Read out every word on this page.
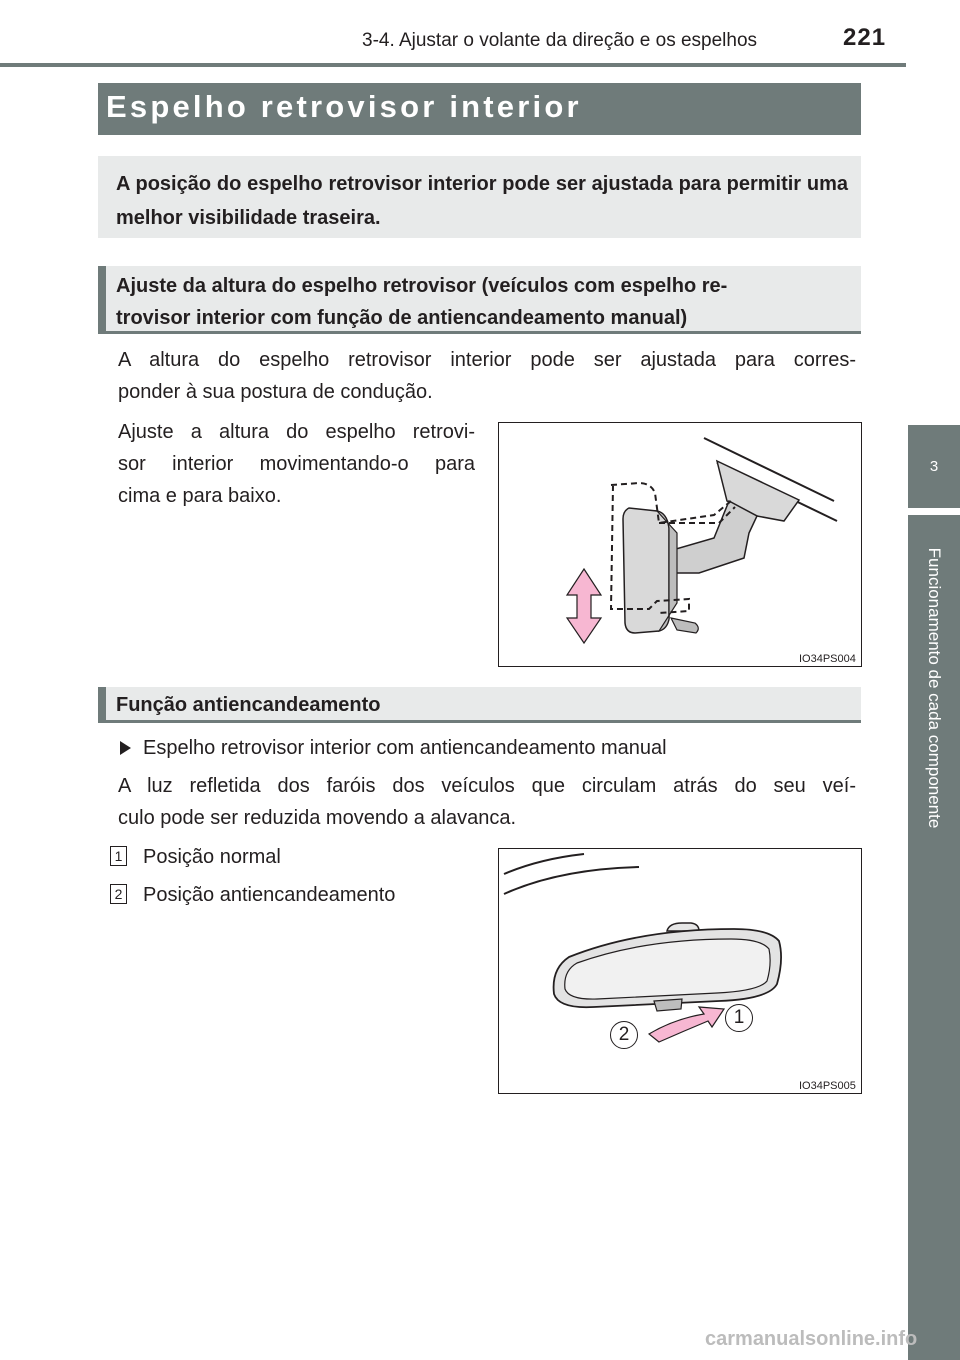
3-4. Ajustar o volante da direção e os espelhos	221
3
Funcionamento de cada componente
Espelho retrovisor interior
A posição do espelho retrovisor interior pode ser ajustada para permitir uma melhor visibilidade traseira.
Ajuste da altura do espelho retrovisor (veículos com espelho re-
trovisor interior com função de antiencandeamento manual)
A altura do espelho retrovisor interior pode ser ajustada para corres-
ponder à sua postura de condução.
Ajuste a altura do espelho retrovi-
sor interior movimentando-o para
cima e para baixo.
IO34PS004
Função antiencandeamento
Espelho retrovisor interior com antiencandeamento manual
A luz refletida dos faróis dos veículos que circulam atrás do seu veí-
culo pode ser reduzida movendo a alavanca.
1 Posição normal
2 Posição antiencandeamento
2
1
IO34PS005
carmanualsonline.info
